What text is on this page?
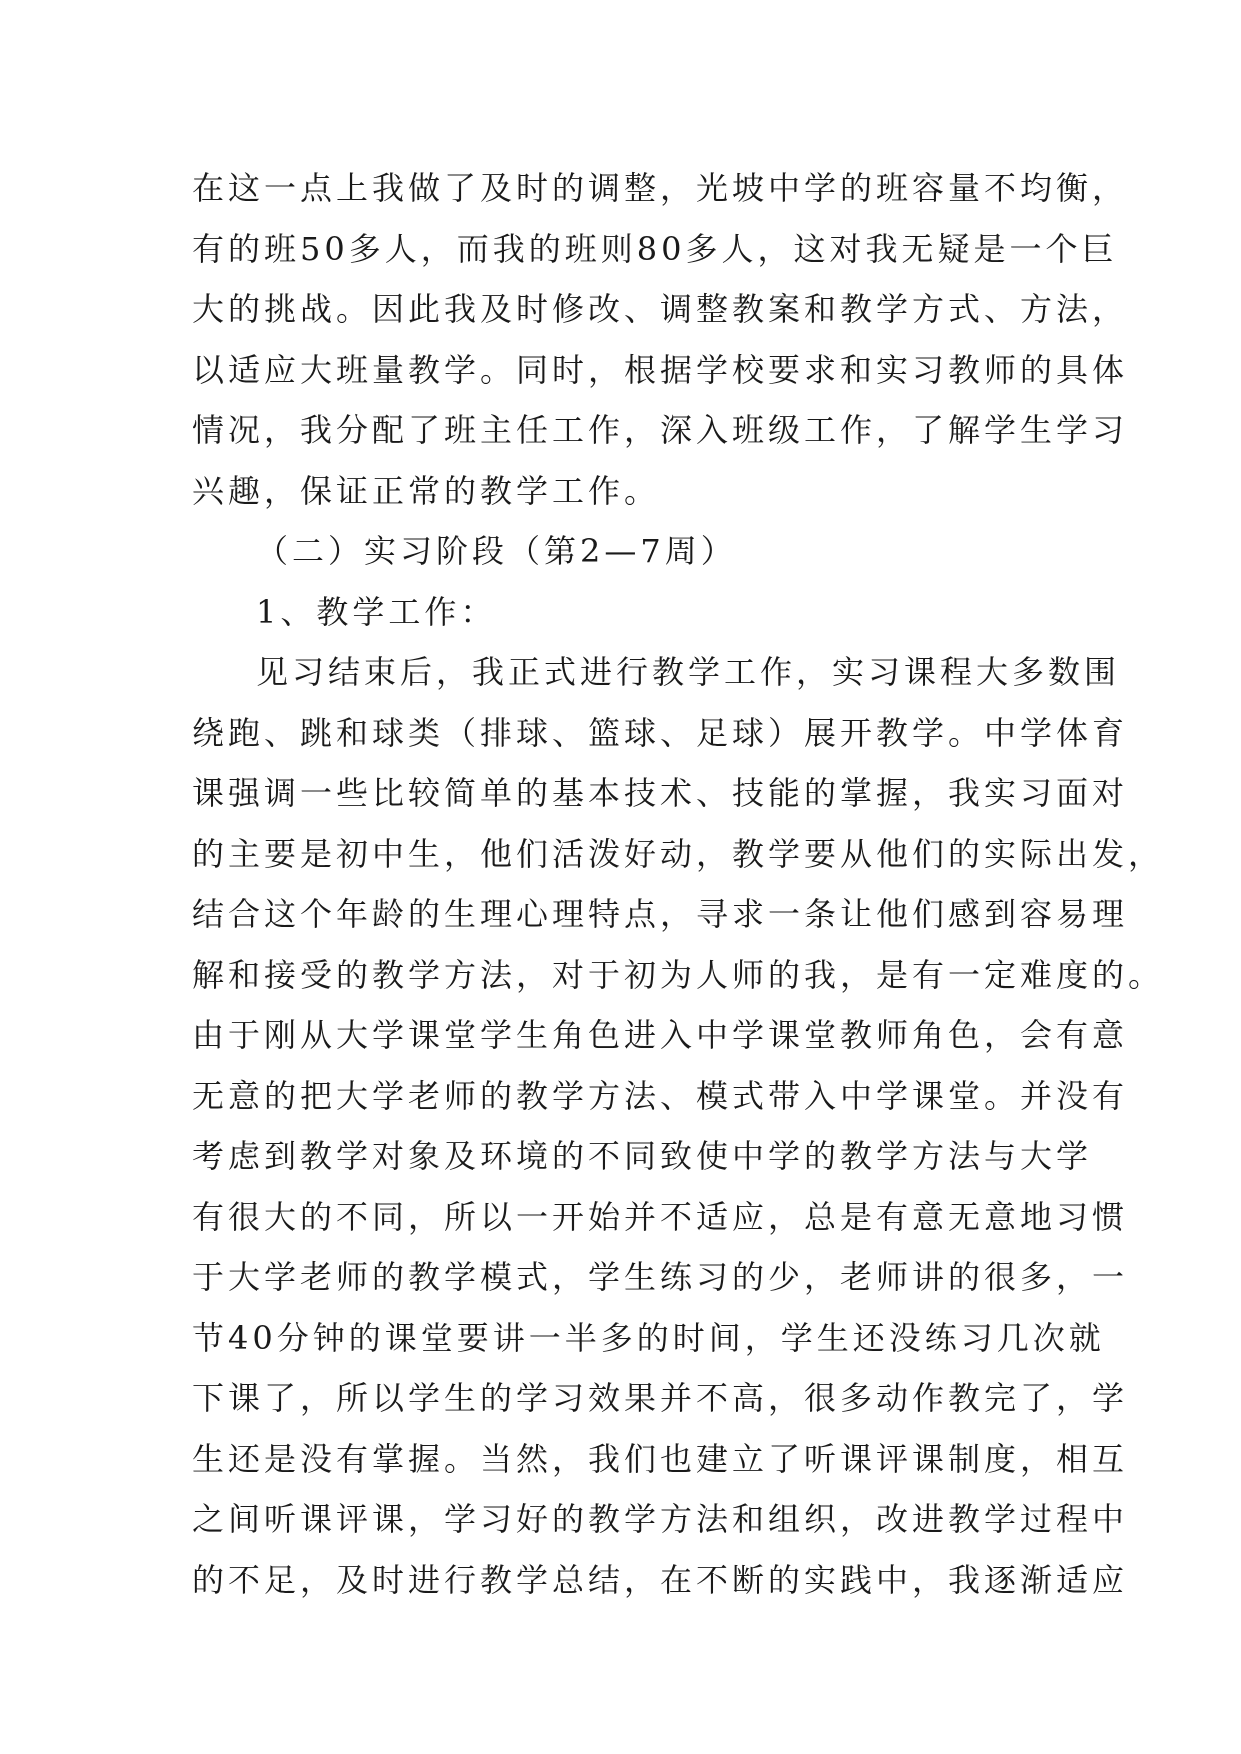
在这一点上我做了及时的调整，光坡中学的班容量不均衡，
有的班50多人，而我的班则80多人，这对我无疑是一个巨
大的挑战。因此我及时修改、调整教案和教学方式、方法，
以适应大班量教学。同时，根据学校要求和实习教师的具体
情况，我分配了班主任工作，深入班级工作，了解学生学习
兴趣，保证正常的教学工作。
（二）实习阶段（第2—7周）
1、教学工作：
见习结束后，我正式进行教学工作，实习课程大多数围
绕跑、跳和球类（排球、篮球、足球）展开教学。中学体育
课强调一些比较简单的基本技术、技能的掌握，我实习面对
的主要是初中生，他们活泼好动，教学要从他们的实际出发，
结合这个年龄的生理心理特点，寻求一条让他们感到容易理
解和接受的教学方法，对于初为人师的我，是有一定难度的。
由于刚从大学课堂学生角色进入中学课堂教师角色，会有意
无意的把大学老师的教学方法、模式带入中学课堂。并没有
考虑到教学对象及环境的不同致使中学的教学方法与大学
有很大的不同，所以一开始并不适应，总是有意无意地习惯
于大学老师的教学模式，学生练习的少，老师讲的很多，一
节40分钟的课堂要讲一半多的时间，学生还没练习几次就
下课了，所以学生的学习效果并不高，很多动作教完了，学
生还是没有掌握。当然，我们也建立了听课评课制度，相互
之间听课评课，学习好的教学方法和组织，改进教学过程中
的不足，及时进行教学总结，在不断的实践中，我逐渐适应
